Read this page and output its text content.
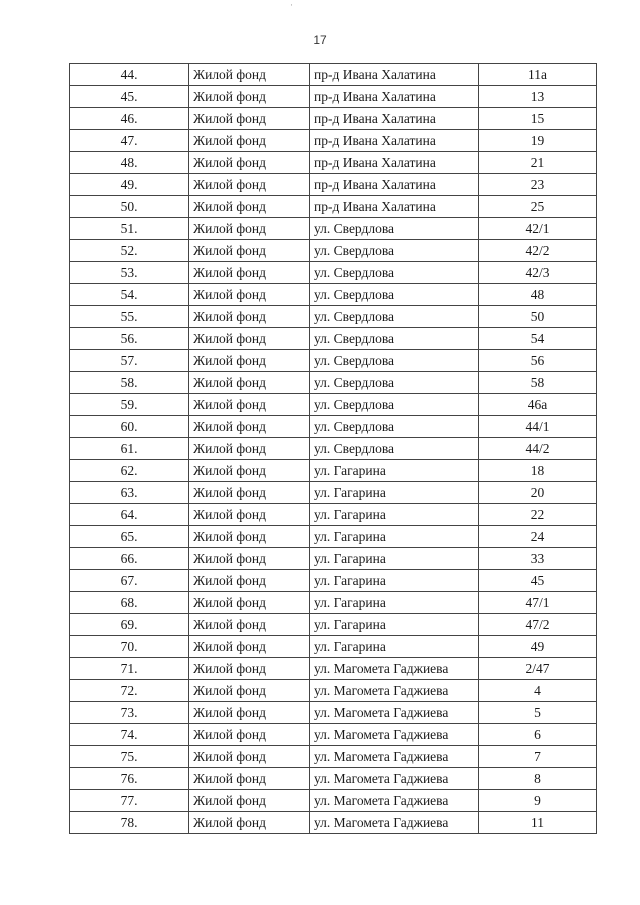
·
17
44.	Жилой фонд	пр-д Ивана Халатина	11а
45.	Жилой фонд	пр-д Ивана Халатина	13
46.	Жилой фонд	пр-д Ивана Халатина	15
47.	Жилой фонд	пр-д Ивана Халатина	19
48.	Жилой фонд	пр-д Ивана Халатина	21
49.	Жилой фонд	пр-д Ивана Халатина	23
50.	Жилой фонд	пр-д Ивана Халатина	25
51.	Жилой фонд	ул. Свердлова	42/1
52.	Жилой фонд	ул. Свердлова	42/2
53.	Жилой фонд	ул. Свердлова	42/3
54.	Жилой фонд	ул. Свердлова	48
55.	Жилой фонд	ул. Свердлова	50
56.	Жилой фонд	ул. Свердлова	54
57.	Жилой фонд	ул. Свердлова	56
58.	Жилой фонд	ул. Свердлова	58
59.	Жилой фонд	ул. Свердлова	46а
60.	Жилой фонд	ул. Свердлова	44/1
61.	Жилой фонд	ул. Свердлова	44/2
62.	Жилой фонд	ул. Гагарина	18
63.	Жилой фонд	ул. Гагарина	20
64.	Жилой фонд	ул. Гагарина	22
65.	Жилой фонд	ул. Гагарина	24
66.	Жилой фонд	ул. Гагарина	33
67.	Жилой фонд	ул. Гагарина	45
68.	Жилой фонд	ул. Гагарина	47/1
69.	Жилой фонд	ул. Гагарина	47/2
70.	Жилой фонд	ул. Гагарина	49
71.	Жилой фонд	ул. Магомета Гаджиева	2/47
72.	Жилой фонд	ул. Магомета Гаджиева	4
73.	Жилой фонд	ул. Магомета Гаджиева	5
74.	Жилой фонд	ул. Магомета Гаджиева	6
75.	Жилой фонд	ул. Магомета Гаджиева	7
76.	Жилой фонд	ул. Магомета Гаджиева	8
77.	Жилой фонд	ул. Магомета Гаджиева	9
78.	Жилой фонд	ул. Магомета Гаджиева	11
